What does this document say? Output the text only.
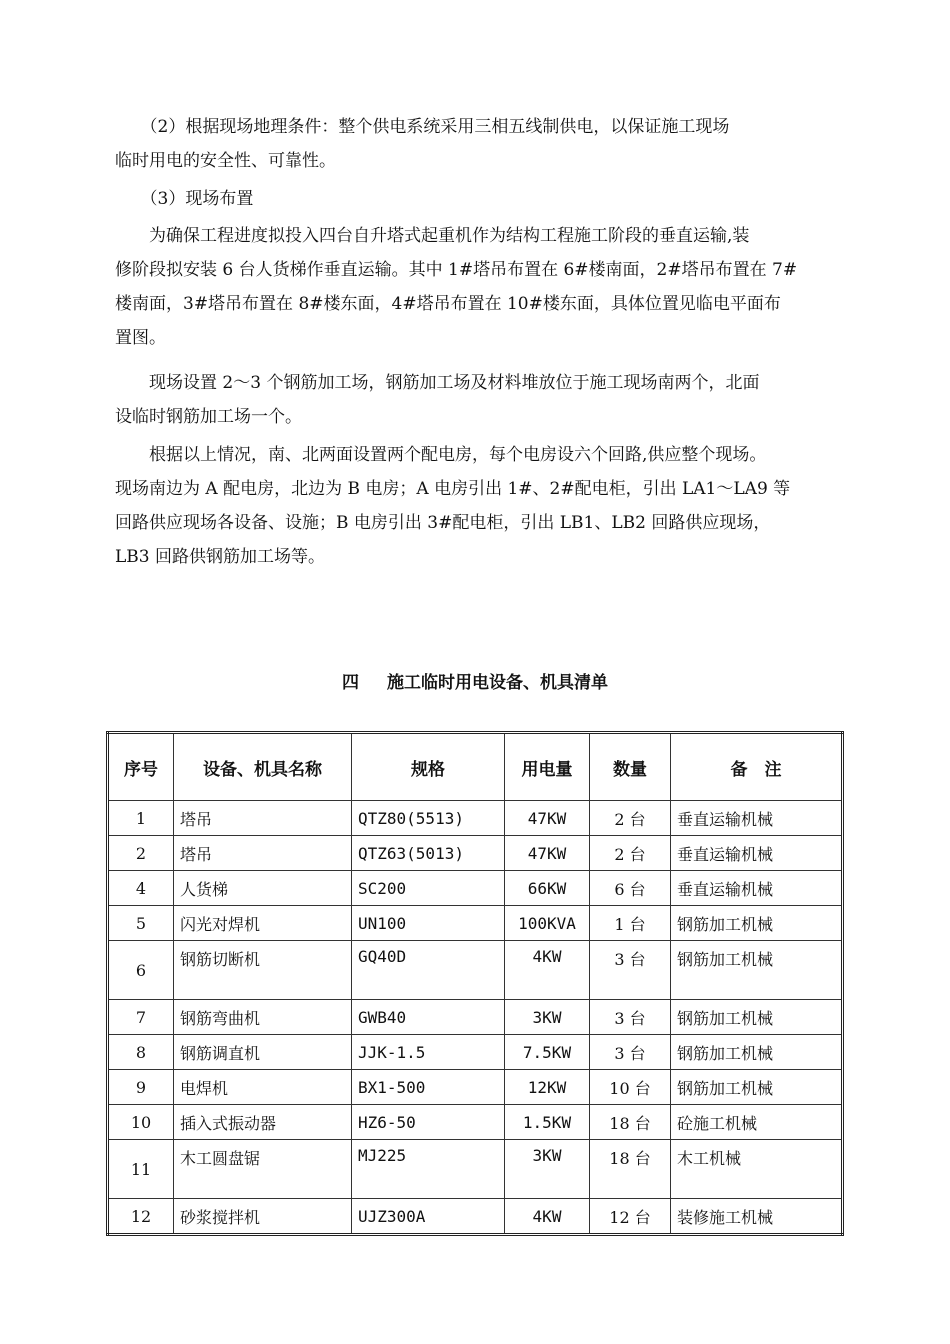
　　（2）根据现场地理条件：整个供电系统采用三相五线制供电，以保证施工现场
临时用电的安全性、可靠性。

　　（3）现场布置

　　为确保工程进度拟投入四台自升塔式起重机作为结构工程施工阶段的垂直运输,装
修阶段拟安装 6 台人货梯作垂直运输。其中 1#塔吊布置在 6#楼南面，2#塔吊布置在 7#
楼南面，3#塔吊布置在 8#楼东面，4#塔吊布置在 10#楼东面，具体位置见临电平面布
置图。

　　现场设置 2～3 个钢筋加工场，钢筋加工场及材料堆放位于施工现场南两个，北面
设临时钢筋加工场一个。

　　根据以上情况，南、北两面设置两个配电房，每个电房设六个回路,供应整个现场。
现场南边为 A 配电房，北边为 B 电房；A 电房引出 1#、2#配电柜，引出 LA1～LA9 等
回路供应现场各设备、设施；B 电房引出 3#配电柜，引出 LB1、LB2 回路供应现场，
LB3 回路供钢筋加工场等。

四 施工临时用电设备、机具清单
序号	设备、机具名称	规格	用电量	数量	备　注
1	塔吊	QTZ80(5513)	47KW	2 台	垂直运输机械
2	塔吊	QTZ63(5013)	47KW	2 台	垂直运输机械
4	人货梯	SC200	66KW	6 台	垂直运输机械
5	闪光对焊机	UN100	100KVA	1 台	钢筋加工机械
6	钢筋切断机	GQ40D	4KW	3 台	钢筋加工机械
7	钢筋弯曲机	GWB40	3KW	3 台	钢筋加工机械
8	钢筋调直机	JJK-1.5	7.5KW	3 台	钢筋加工机械
9	电焊机	BX1-500	12KW	10 台	钢筋加工机械
10	插入式振动器	HZ6-50	1.5KW	18 台	砼施工机械
11	木工圆盘锯	MJ225	3KW	18 台	木工机械
12	砂浆搅拌机	UJZ300A	4KW	12 台	装修施工机械
